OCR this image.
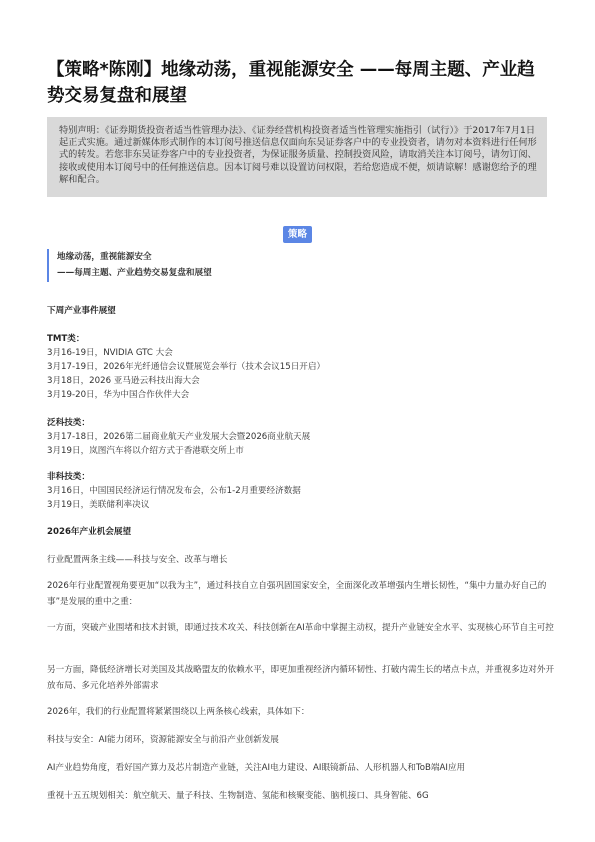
【策略*陈刚】地缘动荡，重视能源安全 ——每周主题、产业趋势交易复盘和展望
特别声明：《证券期货投资者适当性管理办法》、《证券经营机构投资者适当性管理实施指引（试行）》于2017年7月1日起正式实施。通过新媒体形式制作的本订阅号推送信息仅面向东吴证券客户中的专业投资者，请勿对本资料进行任何形式的转发。若您非东吴证券客户中的专业投资者，为保证服务质量、控制投资风险，请取消关注本订阅号，请勿订阅、接收或使用本订阅号中的任何推送信息。因本订阅号难以设置访问权限，若给您造成不便，烦请谅解！感谢您给予的理解和配合。
策略
地缘动荡，重视能源安全
——每周主题、产业趋势交易复盘和展望
下周产业事件展望
TMT类：
3月16-19日，NVIDIA GTC 大会
3月17-19日，2026年光纤通信会议暨展览会举行（技术会议15日开启）
3月18日，2026 亚马逊云科技出海大会
3月19-20日，华为中国合作伙伴大会
泛科技类：
3月17-18日，2026第二届商业航天产业发展大会暨2026商业航天展
3月19日，岚图汽车将以介绍方式于香港联交所上市
非科技类：
3月16日，中国国民经济运行情况发布会，公布1-2月重要经济数据
3月19日，美联储利率决议
2026年产业机会展望
行业配置两条主线——科技与安全、改革与增长
2026年行业配置视角要更加“以我为主”，通过科技自立自强巩固国家安全，全面深化改革增强内生增长韧性，“集中力量办好自己的事”是发展的重中之重：
一方面，突破产业围堵和技术封锁，即通过技术攻关、科技创新在AI革命中掌握主动权，提升产业链安全水平、实现核心环节自主可控
另一方面，降低经济增长对美国及其战略盟友的依赖水平，即更加重视经济内循环韧性、打破内需生长的堵点卡点，并重视多边对外开放布局、多元化培养外部需求
2026年，我们的行业配置将紧紧围绕以上两条核心线索，具体如下：
科技与安全：AI能力闭环，资源能源安全与前沿产业创新发展
AI产业趋势角度，看好国产算力及芯片制造产业链，关注AI电力建设、AI眼镜新品、人形机器人和ToB端AI应用
重视十五五规划相关：航空航天、量子科技、生物制造、氢能和核聚变能、脑机接口、具身智能、6G
